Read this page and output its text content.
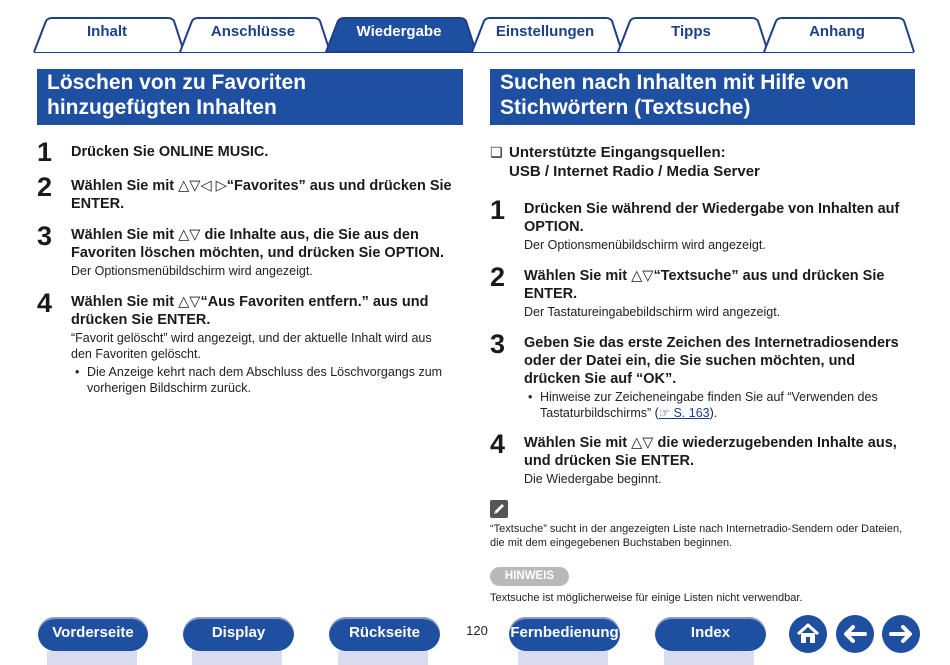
Inhalt	Anschlüsse	Wiedergabe	Einstellungen	Tipps	Anhang
Löschen von zu Favoriten
hinzugefügten Inhalten
1 Drücken Sie ONLINE MUSIC.
2 Wählen Sie mit △▽◁ ▷“Favorites” aus und drücken Sie
ENTER.
3 Wählen Sie mit △▽ die Inhalte aus, die Sie aus den
Favoriten löschen möchten, und drücken Sie OPTION.
Der Optionsmenübildschirm wird angezeigt.
4 Wählen Sie mit △▽“Aus Favoriten entfern.” aus und
drücken Sie ENTER.
“Favorit gelöscht” wird angezeigt, und der aktuelle Inhalt wird aus
den Favoriten gelöscht.
• Die Anzeige kehrt nach dem Abschluss des Löschvorgangs zum
vorherigen Bildschirm zurück.
Suchen nach Inhalten mit Hilfe von
Stichwörtern (Textsuche)
❏ Unterstützte Eingangsquellen:
USB / Internet Radio / Media Server
1 Drücken Sie während der Wiedergabe von Inhalten auf
OPTION.
Der Optionsmenübildschirm wird angezeigt.
2 Wählen Sie mit △▽“Textsuche” aus und drücken Sie
ENTER.
Der Tastatureingabebildschirm wird angezeigt.
3 Geben Sie das erste Zeichen des Internetradiosenders
oder der Datei ein, die Sie suchen möchten, und
drücken Sie auf “OK”.
• Hinweise zur Zeicheneingabe finden Sie auf “Verwenden des
Tastaturbildschirms” (☞ S. 163).
4 Wählen Sie mit △▽ die wiederzugebenden Inhalte aus,
und drücken Sie ENTER.
Die Wiedergabe beginnt.
“Textsuche” sucht in der angezeigten Liste nach Internetradio-Sendern oder Dateien,
die mit dem eingegebenen Buchstaben beginnen.
HINWEIS
Textsuche ist möglicherweise für einige Listen nicht verwendbar.
Vorderseite	Display	Rückseite	120 Fernbedienung	Index
